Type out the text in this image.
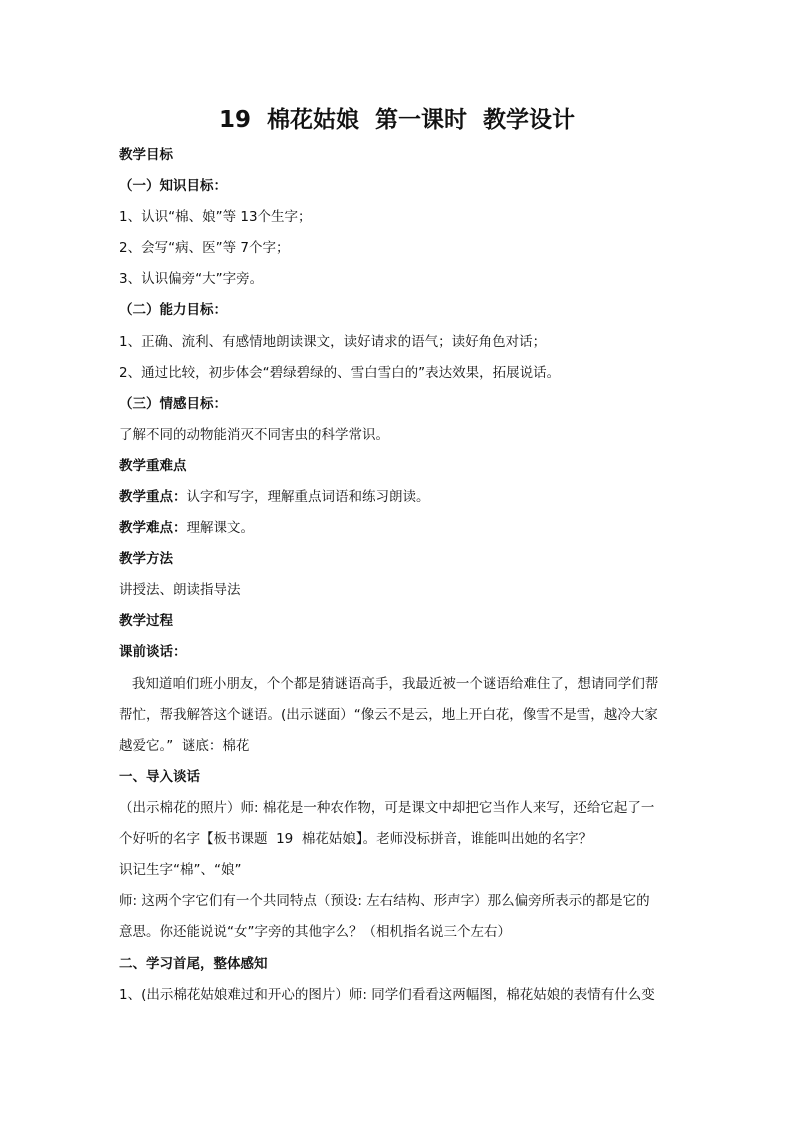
19  棉花姑娘  第一课时  教学设计
教学目标
（一）知识目标：
1、认识“棉、娘”等 13个生字；
2、会写“病、医”等 7个字；
3、认识偏旁“大”字旁。
（二）能力目标：
1、正确、流利、有感情地朗读课文，读好请求的语气；读好角色对话；
2、通过比较，初步体会“碧绿碧绿的、雪白雪白的”表达效果，拓展说话。
（三）情感目标：
了解不同的动物能消灭不同害虫的科学常识。
教学重难点
教学重点：认字和写字，理解重点词语和练习朗读。
教学难点：理解课文。
教学方法
讲授法、朗读指导法
教学过程
课前谈话：
我知道咱们班小朋友，个个都是猜谜语高手，我最近被一个谜语给难住了，想请同学们帮
帮忙，帮我解答这个谜语。(出示谜面）“像云不是云，地上开白花，像雪不是雪，越冷大家
越爱它。”  谜底：棉花
一、导入谈话
（出示棉花的照片）师: 棉花是一种农作物，可是课文中却把它当作人来写，还给它起了一
个好听的名字【板书课题  19  棉花姑娘】。老师没标拼音，谁能叫出她的名字？
识记生字“棉”、“娘”
师: 这两个字它们有一个共同特点（预设: 左右结构、形声字）那么偏旁所表示的都是它的
意思。你还能说说“女”字旁的其他字么？（相机指名说三个左右）
二、学习首尾，整体感知
1、(出示棉花姑娘难过和开心的图片）师: 同学们看看这两幅图，棉花姑娘的表情有什么变
